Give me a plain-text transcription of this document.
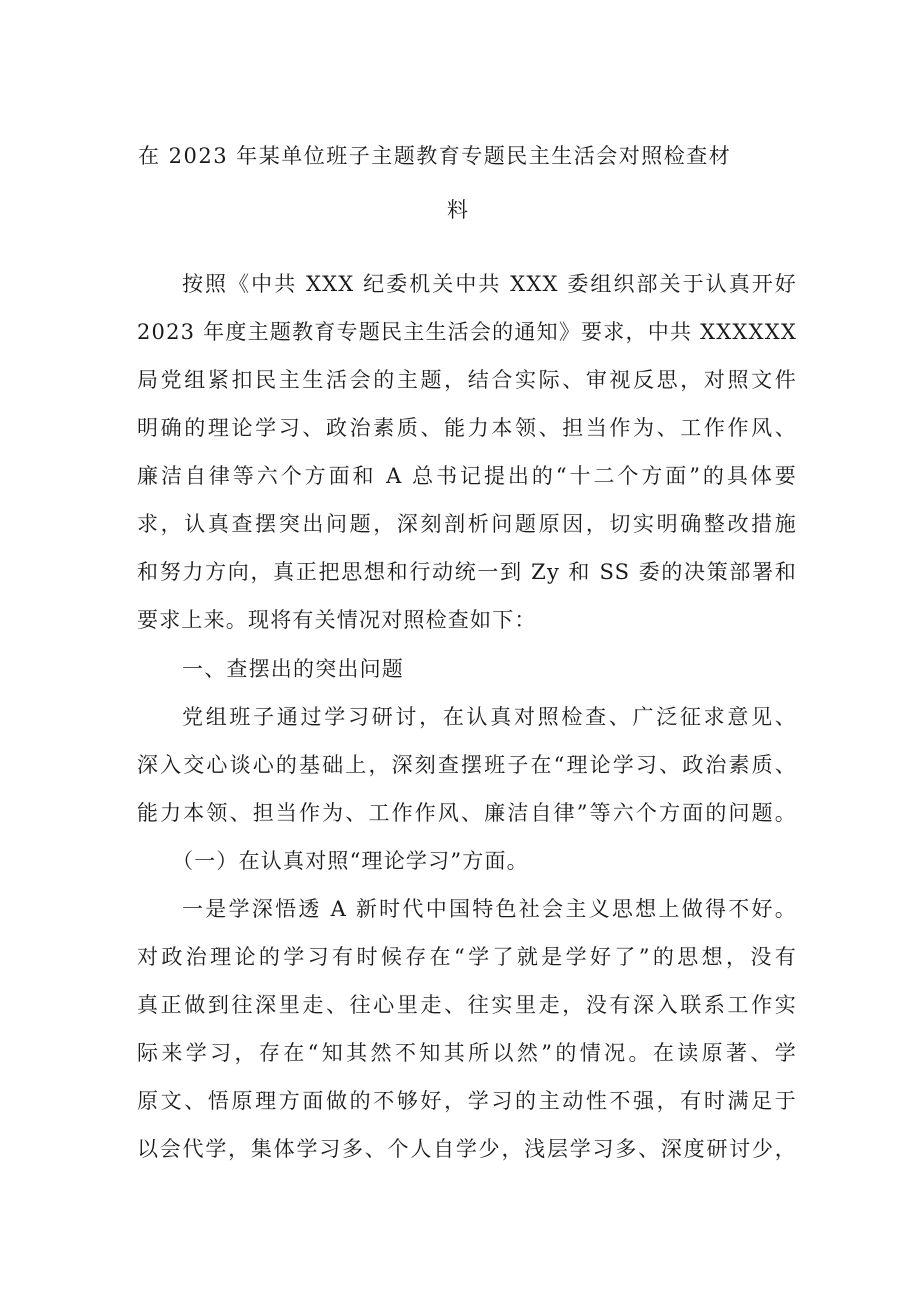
在 2023 年某单位班子主题教育专题民主生活会对照检查材
料
按照《中共 XXX 纪委机关中共 XXX 委组织部关于认真开好
2023 年度主题教育专题民主生活会的通知》要求，中共 XXXXXX
局党组紧扣民主生活会的主题，结合实际、审视反思，对照文件
明确的理论学习、政治素质、能力本领、担当作为、工作作风、
廉洁自律等六个方面和 A 总书记提出的“十二个方面”的具体要
求，认真查摆突出问题，深刻剖析问题原因，切实明确整改措施
和努力方向，真正把思想和行动统一到 Zy 和 SS 委的决策部署和
要求上来。现将有关情况对照检查如下：
一、查摆出的突出问题
党组班子通过学习研讨，在认真对照检查、广泛征求意见、
深入交心谈心的基础上，深刻查摆班子在“理论学习、政治素质、
能力本领、担当作为、工作作风、廉洁自律”等六个方面的问题。
（一）在认真对照“理论学习”方面。
一是学深悟透 A 新时代中国特色社会主义思想上做得不好。
对政治理论的学习有时候存在“学了就是学好了”的思想，没有
真正做到往深里走、往心里走、往实里走，没有深入联系工作实
际来学习，存在“知其然不知其所以然”的情况。在读原著、学
原文、悟原理方面做的不够好，学习的主动性不强，有时满足于
以会代学，集体学习多、个人自学少，浅层学习多、深度研讨少，
